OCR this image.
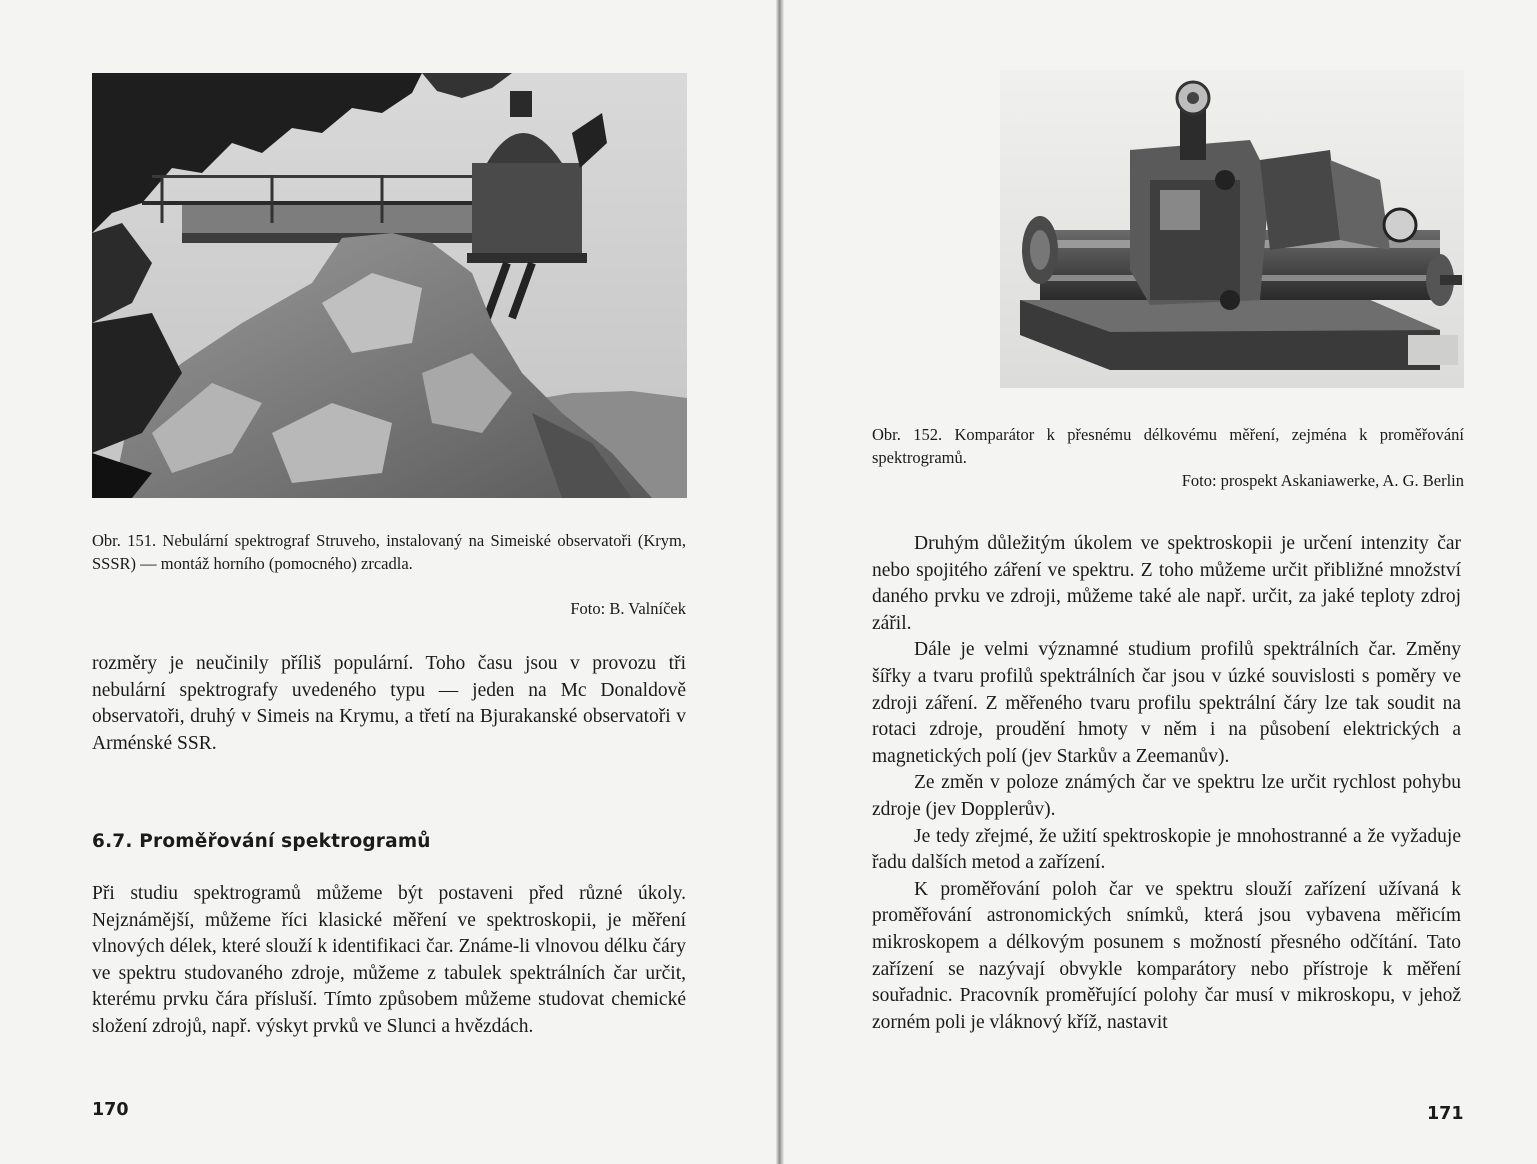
Obr. 151. Nebulární spektrograf Struveho, instalovaný na Simeiské observatoři (Krym, SSSR) — montáž horního (pomocného) zrcadla.
Foto: B. Valníček

rozměry je neučinily příliš populární. Toho času jsou v provozu tři nebulární spektrografy uvedeného typu — jeden na Mc Donaldově observatoři, druhý v Simeis na Krymu, a třetí na Bjurakanské observatoři v Arménské SSR.

6.7. Proměřování spektrogramů

Při studiu spektrogramů můžeme být postaveni před různé úkoly. Nejznámější, můžeme říci klasické měření ve spektroskopii, je měření vlnových délek, které slouží k identifikaci čar. Známe-li vlnovou délku čáry ve spektru studovaného zdroje, můžeme z tabulek spektrálních čar určit, kterému prvku čára přísluší. Tímto způsobem můžeme studovat chemické složení zdrojů, např. výskyt prvků ve Slunci a hvězdách.

170
Obr. 152. Komparátor k přesnému délkovému měření, zejména k proměřování spektrogramů.
Foto: prospekt Askaniawerke, A. G. Berlin

Druhým důležitým úkolem ve spektroskopii je určení intenzity čar nebo spojitého záření ve spektru. Z toho můžeme určit přibližné množství daného prvku ve zdroji, můžeme také ale např. určit, za jaké teploty zdroj zářil.

Dále je velmi významné studium profilů spektrálních čar. Změny šířky a tvaru profilů spektrálních čar jsou v úzké souvislosti s poměry ve zdroji záření. Z měřeného tvaru profilu spektrální čáry lze tak soudit na rotaci zdroje, proudění hmoty v něm i na působení elektrických a magnetických polí (jev Starkův a Zeemanův).

Ze změn v poloze známých čar ve spektru lze určit rychlost pohybu zdroje (jev Dopplerův).

Je tedy zřejmé, že užití spektroskopie je mnohostranné a že vyžaduje řadu dalších metod a zařízení.

K proměřování poloh čar ve spektru slouží zařízení užívaná k proměřování astronomických snímků, která jsou vybavena měřicím mikroskopem a délkovým posunem s možností přesného odčítání. Tato zařízení se nazývají obvykle komparátory nebo přístroje k měření souřadnic. Pracovník proměřující polohy čar musí v mikroskopu, v jehož zorném poli je vláknový kříž, nastavit

171
